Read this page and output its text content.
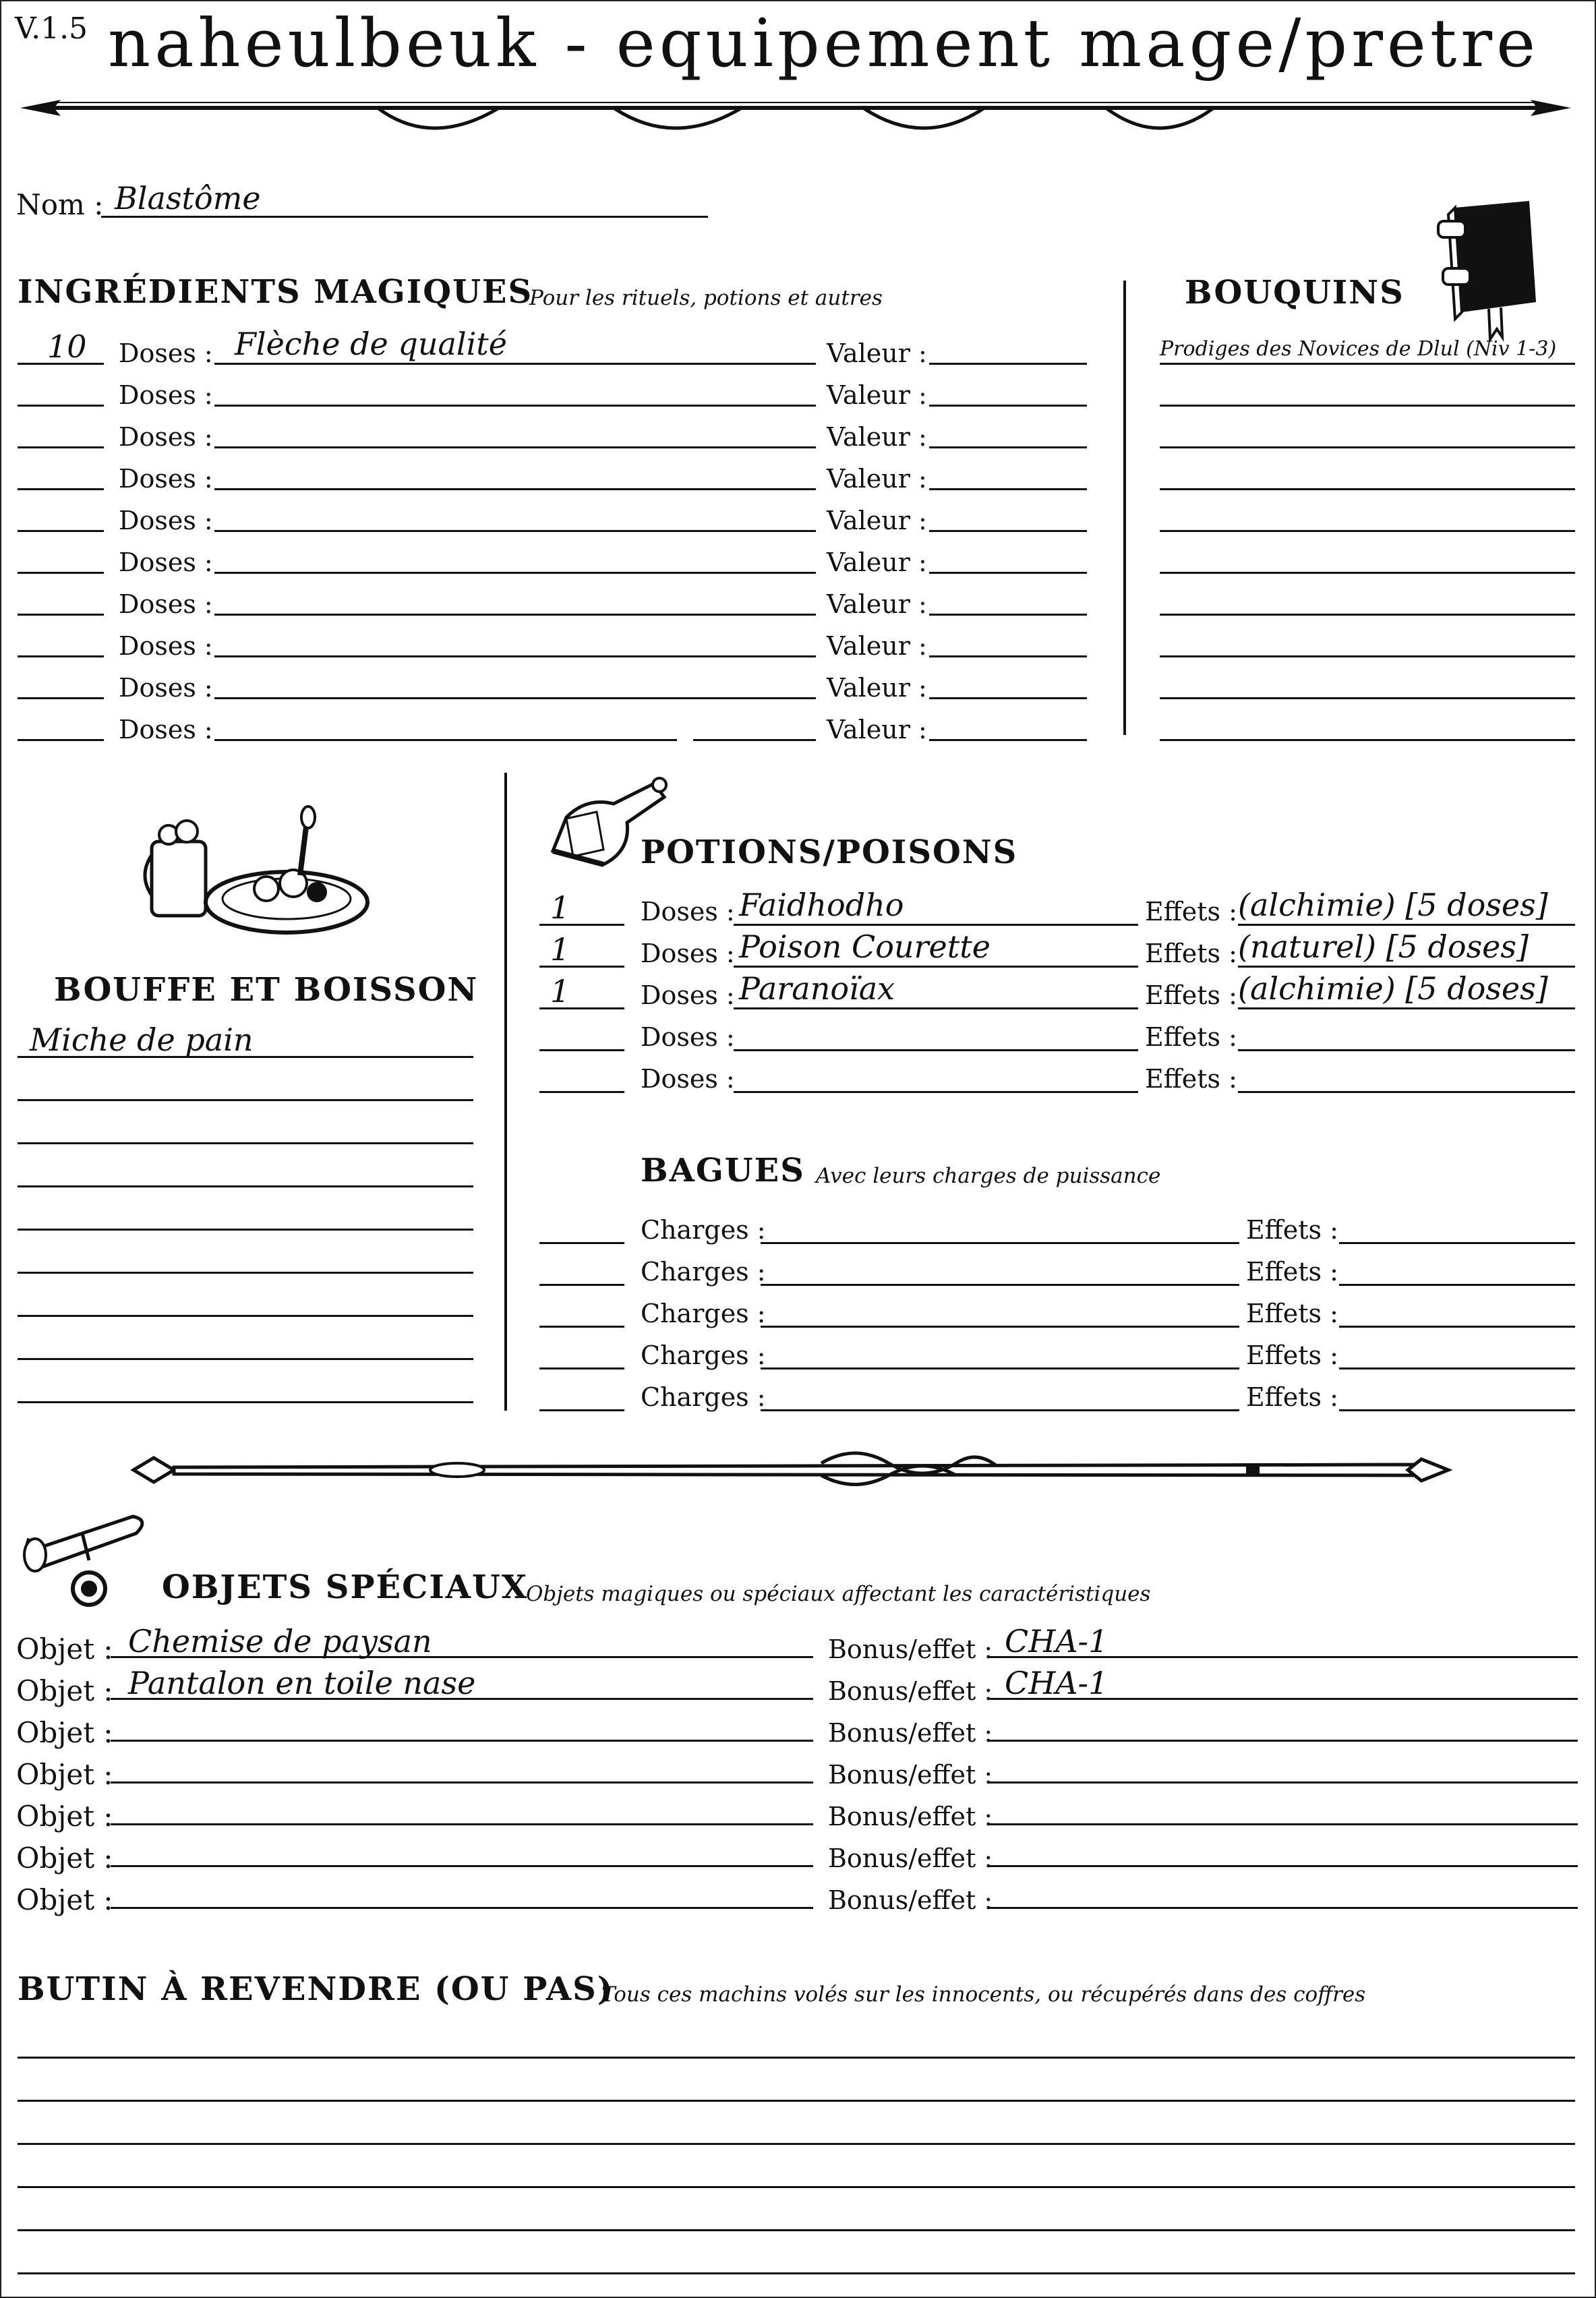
V.1.5 naheulbeuk - equipement mage/pretre
Nom : Blastôme
INGRÉDIENTS MAGIQUES
Pour les rituels, potions et autres
10 Doses : Flèche de qualité	Valeur :
Doses :	Valeur :
Doses :	Valeur :
Doses :	Valeur :
Doses :	Valeur :
Doses :	Valeur :
Doses :	Valeur :
Doses :	Valeur :
Doses :	Valeur :
Doses :	Valeur :
BOUQUINS
Prodiges des Novices de Dlul (Niv 1-3)
BOUFFE ET BOISSON
Miche de pain
POTIONS/POISONS
1	Doses : Faidhodho	Effets : (alchimie) [5 doses]
1	Doses : Poison Courette	Effets : (naturel) [5 doses]
1	Doses : Paranoïax	Effets : (alchimie) [5 doses]
Doses :	Effets :
Doses :	Effets :
BAGUES Avec leurs charges de puissance
Charges :	Effets :
Charges :	Effets :
Charges :	Effets :
Charges :	Effets :
Charges :	Effets :
OBJETS SPÉCIAUX
Objets magiques ou spéciaux affectant les caractéristiques
Objet : Chemise de paysan	Bonus/effet : CHA-1
Objet : Pantalon en toile nase	Bonus/effet : CHA-1
Objet :	Bonus/effet :
Objet :	Bonus/effet :
Objet :	Bonus/effet :
Objet :	Bonus/effet :
Objet :	Bonus/effet :
BUTIN À REVENDRE (OU PAS)
Tous ces machins volés sur les innocents, ou récupérés dans des coffres
